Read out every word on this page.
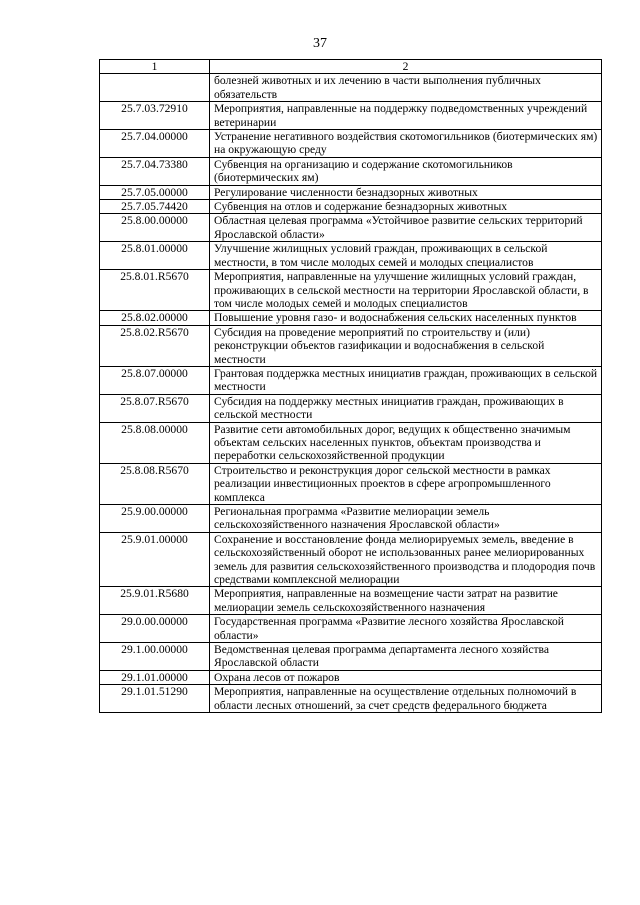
37
1	2
	болезней животных и их лечению в части выполнения публичных обязательств
25.7.03.72910	Мероприятия, направленные на поддержку подведомственных учреждений ветеринарии
25.7.04.00000	Устранение негативного воздействия скотомогильников (биотермических ям) на окружающую среду
25.7.04.73380	Субвенция на организацию и содержание скотомогильников (биотермических ям)
25.7.05.00000	Регулирование численности безнадзорных животных
25.7.05.74420	Субвенция на отлов и содержание безнадзорных животных
25.8.00.00000	Областная целевая программа «Устойчивое развитие сельских территорий Ярославской области»
25.8.01.00000	Улучшение жилищных условий граждан, проживающих в сельской местности, в том числе молодых семей и молодых специалистов
25.8.01.R5670	Мероприятия, направленные на улучшение жилищных условий граждан, проживающих в сельской местности на территории Ярославской области, в том числе молодых семей и молодых специалистов
25.8.02.00000	Повышение уровня газо- и водоснабжения сельских населенных пунктов
25.8.02.R5670	Субсидия на проведение мероприятий по строительству и (или) реконструкции объектов газификации и водоснабжения в сельской местности
25.8.07.00000	Грантовая поддержка местных инициатив граждан, проживающих в сельской местности
25.8.07.R5670	Субсидия на поддержку местных инициатив граждан, проживающих в сельской местности
25.8.08.00000	Развитие сети автомобильных дорог, ведущих к общественно значимым объектам сельских населенных пунктов, объектам производства и переработки сельскохозяйственной продукции
25.8.08.R5670	Строительство и реконструкция дорог сельской местности в рамках реализации инвестиционных проектов в сфере агропромышленного комплекса
25.9.00.00000	Региональная программа «Развитие мелиорации земель сельскохозяйственного назначения Ярославской области»
25.9.01.00000	Сохранение и восстановление фонда мелиорируемых земель, введение в сельскохозяйственный оборот не использованных ранее мелиорированных земель для развития сельскохозяйственного производства и плодородия почв средствами комплексной мелиорации
25.9.01.R5680	Мероприятия, направленные на возмещение части затрат на развитие мелиорации земель сельскохозяйственного назначения
29.0.00.00000	Государственная программа «Развитие лесного хозяйства Ярославской области»
29.1.00.00000	Ведомственная целевая программа департамента лесного хозяйства Ярославской области
29.1.01.00000	Охрана лесов от пожаров
29.1.01.51290	Мероприятия, направленные на осуществление отдельных полномочий в области лесных отношений, за счет средств федерального бюджета
